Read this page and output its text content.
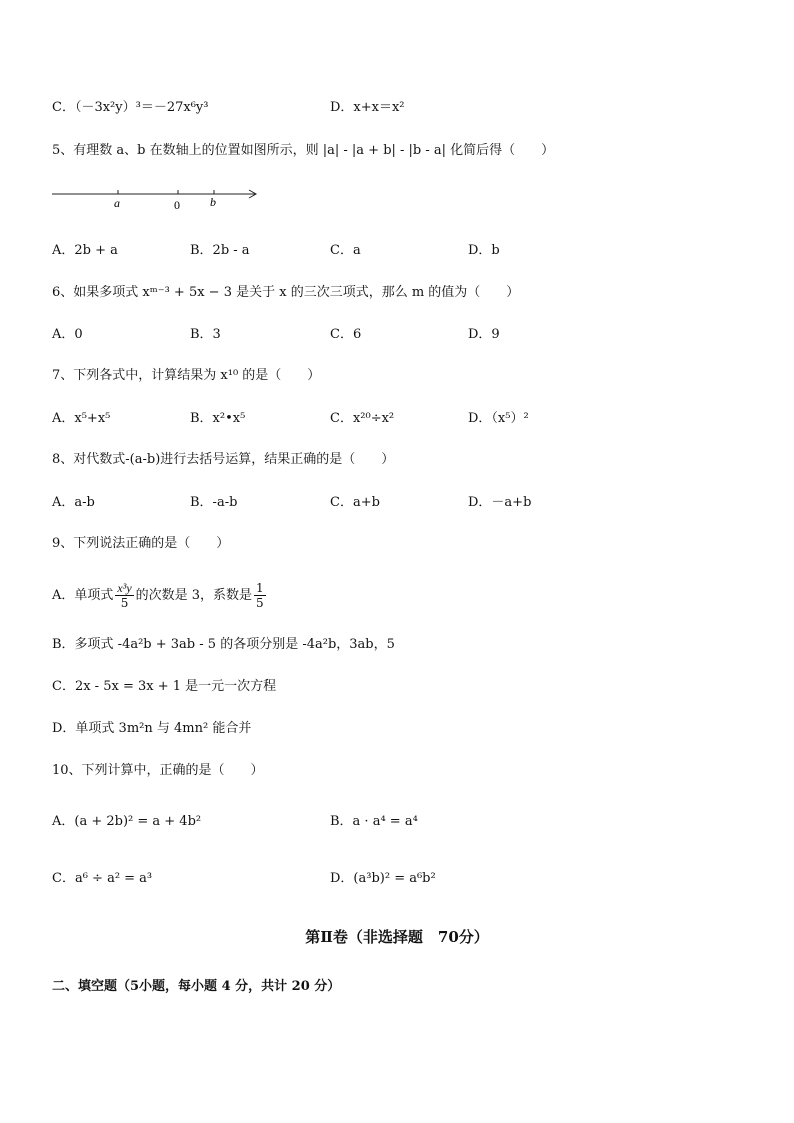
C．（－3x²y）³＝－27x⁶y³	D．x+x＝x²
5、有理数 a、b 在数轴上的位置如图所示，则 |a| - |a + b| - |b - a| 化简后得（　　）
a	0	b
A．2b + a	B．2b - a	C．a	D．b
6、如果多项式 xᵐ⁻³ + 5x − 3 是关于 x 的三次三项式，那么 m 的值为（　　）
A．0	B．3	C．6	D．9
7、下列各式中，计算结果为 x¹⁰ 的是（　　）
A．x⁵+x⁵	B．x²•x⁵	C．x²⁰÷x²	D．（x⁵）²
8、对代数式-(a-b)进行去括号运算，结果正确的是（　　）
A．a-b	B．-a-b	C．a+b	D．－a+b
9、下列说法正确的是（　　）
A．单项式 $\frac{\text{x³y}}{5}$ 的次数是 3，系数是 $\frac{1}{5}$
B．多项式 -4a²b + 3ab - 5 的各项分别是 -4a²b，3ab，5
C．2x - 5x = 3x + 1 是一元一次方程
D．单项式 3m²n 与 4mn² 能合并
10、下列计算中，正确的是（　　）
A．(a + 2b)² = a + 4b²	B．a · a⁴ = a⁴
C．a⁶ ÷ a² = a³	D．(a³b)² = a⁶b²
第Ⅱ卷（非选择题　70分）
二、填空题（5小题，每小题 4 分，共计 20 分）
